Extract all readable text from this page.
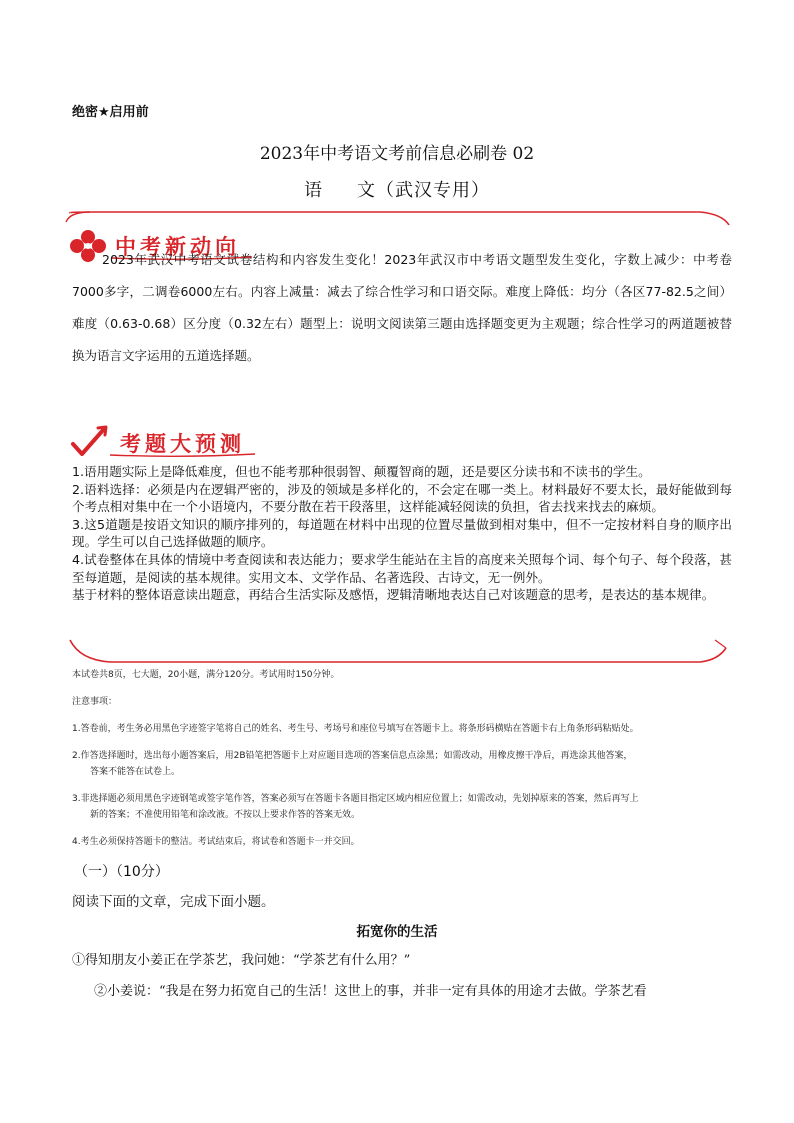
绝密★启用前
2023年中考语文考前信息必刷卷 02
语 文（武汉专用）
中考新动向
2023年武汉中考语文试卷结构和内容发生变化！2023年武汉市中考语文题型发生变化，字数上减少：中考卷7000多字，二调卷6000左右。内容上减量：减去了综合性学习和口语交际。难度上降低：均分（各区77-82.5之间）难度（0.63-0.68）区分度（0.32左右）题型上：说明文阅读第三题由选择题变更为主观题；综合性学习的两道题被替换为语言文字运用的五道选择题。
考题大预测

1.语用题实际上是降低难度，但也不能考那种很弱智、颠覆智商的题，还是要区分读书和不读书的学生。

2.语料选择：必须是内在逻辑严密的，涉及的领域是多样化的，不会定在哪一类上。材料最好不要太长，最好能做到每个考点相对集中在一个小语境内，不要分散在若干段落里，这样能减轻阅读的负担，省去找来找去的麻烦。

3.这5道题是按语文知识的顺序排列的，每道题在材料中出现的位置尽量做到相对集中，但不一定按材料自身的顺序出现。学生可以自己选择做题的顺序。

4.试卷整体在具体的情境中考查阅读和表达能力；要求学生能站在主旨的高度来关照每个词、每个句子、每个段落，甚至每道题，是阅读的基本规律。实用文本、文学作品、名著选段、古诗文，无一例外。

基于材料的整体语意读出题意，再结合生活实际及感悟，逻辑清晰地表达自己对该题意的思考，是表达的基本规律。

本试卷共8页，七大题，20小题，满分120分。考试用时150分钟。

注意事项：

1.答卷前，考生务必用黑色字迹签字笔将自己的姓名、考生号、考场号和座位号填写在答题卡上。将条形码横贴在答题卡右上角条形码粘贴处。

2.作答选择题时，选出每小题答案后，用2B铅笔把答题卡上对应题目选项的答案信息点涂黑；如需改动，用橡皮擦干净后，再选涂其他答案，

答案不能答在试卷上。

3.非选择题必须用黑色字迹钢笔或签字笔作答，答案必须写在答题卡各题目指定区域内相应位置上；如需改动，先划掉原来的答案，然后再写上

新的答案；不准使用铅笔和涂改液。不按以上要求作答的答案无效。

4.考生必须保持答题卡的整洁。考试结束后，将试卷和答题卡一并交回。

（一）（10分）
阅读下面的文章，完成下面小题。
拓宽你的生活
①得知朋友小姜正在学茶艺，我问她：“学茶艺有什么用？”
②小姜说：“我是在努力拓宽自己的生活！这世上的事，并非一定有具体的用途才去做。学茶艺看
